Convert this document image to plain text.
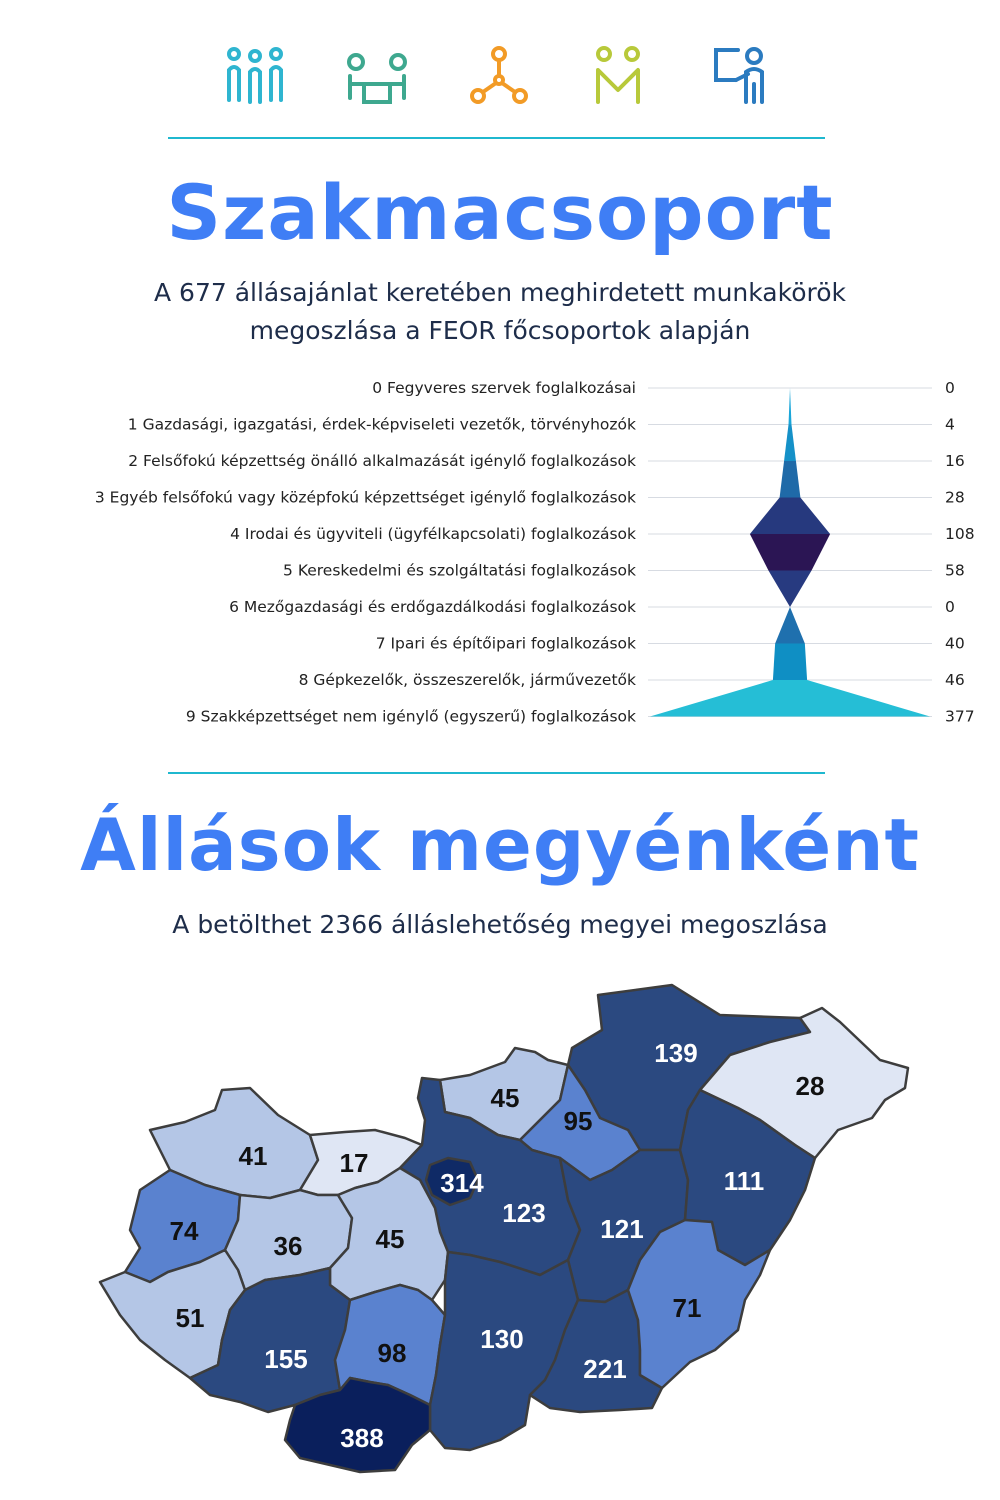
Szakmacsoport
A 677 állásajánlat keretében meghirdetett munkakörök
megoszlása a FEOR főcsoportok alapján
0 Fegyveres szervek foglalkozásai	0
1 Gazdasági, igazgatási, érdek-képviseleti vezetők, törvényhozók	4
2 Felsőfokú képzettség önálló alkalmazását igénylő foglalkozások	16
3 Egyéb felsőfokú vagy középfokú képzettséget igénylő foglalkozások	28
4 Irodai és ügyviteli (ügyfélkapcsolati) foglalkozások	108
5 Kereskedelmi és szolgáltatási foglalkozások	58
6 Mezőgazdasági és erdőgazdálkodási foglalkozások	0
7 Ipari és építőipari foglalkozások	40
8 Gépkezelők, összeszerelők, járművezetők	46
9 Szakképzettséget nem igénylő (egyszerű) foglalkozások	377
Állások megyénként
A betölthet 2366 álláslehetőség megyei megoszlása
139
28
45
95
41	17
314
123
121
111
74	36	45
51
155	98	130
221
71
388
